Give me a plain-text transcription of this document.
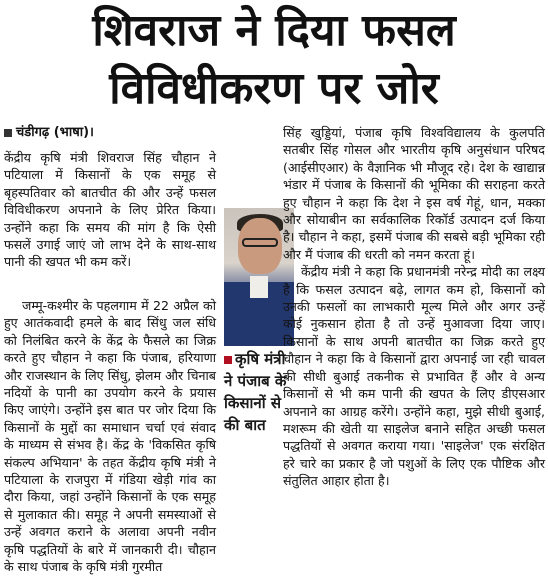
शिवराज ने दिया फसल
विविधीकरण पर जोर
चंडीगढ़ (भाषा)।

केंद्रीय कृषि मंत्री शिवराज सिंह चौहान ने पटियाला में किसानों के एक समूह से बृहस्पतिवार को बातचीत की और उन्हें फसल विविधीकरण अपनाने के लिए प्रेरित किया। उन्होंने कहा कि समय की मांग है कि ऐसी फसलें उगाई जाएं जो लाभ देने के साथ-साथ पानी की खपत भी कम करें।

जम्मू-कश्मीर के पहलगाम में 22 अप्रैल को हुए आतंकवादी हमले के बाद सिंधु जल संधि को निलंबित करने के केंद्र के फैसले का जिक्र करते हुए चौहान ने कहा कि पंजाब, हरियाणा और राजस्थान के लिए सिंधु, झेलम और चिनाब नदियों के पानी का उपयोग करने के प्रयास किए जाएंगे। उन्होंने इस बात पर जोर दिया कि किसानों के मुद्दों का समाधान चर्चा एवं संवाद के माध्यम से संभव है। केंद्र के 'विकसित कृषि संकल्प अभियान' के तहत केंद्रीय कृषि मंत्री ने पटियाला के राजपुरा में गंडिया खेड़ी गांव का दौरा किया, जहां उन्होंने किसानों के एक समूह से मुलाकात की। समूह ने अपनी समस्याओं से उन्हें अवगत कराने के अलावा अपनी नवीन कृषि पद्धतियों के बारे में जानकारी दी। चौहान के साथ पंजाब के कृषि मंत्री गुरमीत

कृषि मंत्री ने पंजाब के किसानों से की बात

सिंह खुड्डियां, पंजाब कृषि विश्वविद्यालय के कुलपति सतबीर सिंह गोसल और भारतीय कृषि अनुसंधान परिषद (आईसीएआर) के वैज्ञानिक भी मौजूद रहे। देश के खाद्यान्न भंडार में पंजाब के किसानों की भूमिका की सराहना करते हुए चौहान ने कहा कि देश ने इस वर्ष गेहूं, धान, मक्का और सोयाबीन का सर्वकालिक रिकॉर्ड उत्पादन दर्ज किया है। चौहान ने कहा, इसमें पंजाब की सबसे बड़ी भूमिका रही और मैं पंजाब की धरती को नमन करता हूं।

केंद्रीय मंत्री ने कहा कि प्रधानमंत्री नरेन्द्र मोदी का लक्ष्य है कि फसल उत्पादन बढ़े, लागत कम हो, किसानों को उनकी फसलों का लाभकारी मूल्य मिले और अगर उन्हें कोई नुकसान होता है तो उन्हें मुआवजा दिया जाए। किसानों के साथ अपनी बातचीत का जिक्र करते हुए चौहान ने कहा कि वे किसानों द्वारा अपनाई जा रही चावल की सीधी बुआई तकनीक से प्रभावित हैं और वे अन्य किसानों से भी कम पानी की खपत के लिए डीएसआर अपनाने का आग्रह करेंगे। उन्होंने कहा, मुझे सीधी बुआई, मशरूम की खेती या साइलेज बनाने सहित अच्छी फसल पद्धतियों से अवगत कराया गया। 'साइलेज' एक संरक्षित हरे चारे का प्रकार है जो पशुओं के लिए एक पौष्टिक और संतुलित आहार होता है।
